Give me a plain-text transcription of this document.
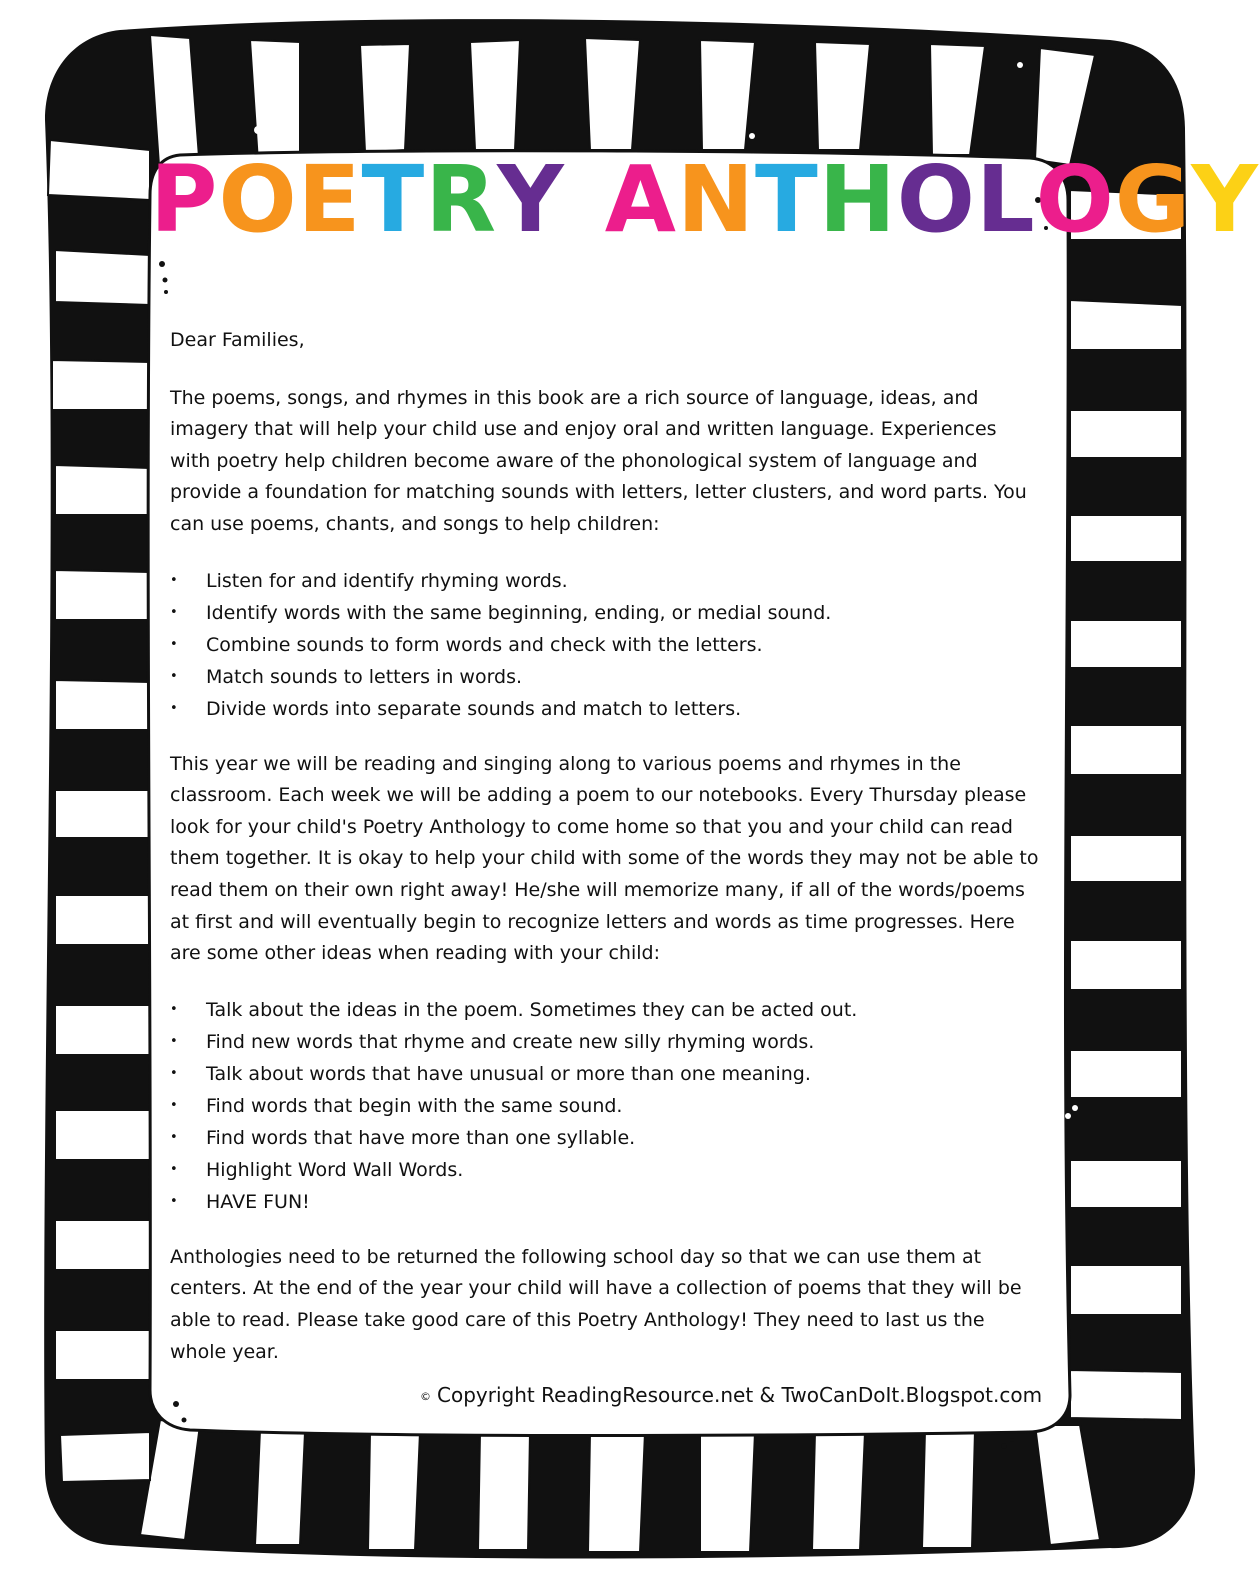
POETRY ANTHOLOGY

Dear Families,

The poems, songs, and rhymes in this book are a rich source of language, ideas, and imagery that will help your child use and enjoy oral and written language. Experiences with poetry help children become aware of the phonological system of language and provide a foundation for matching sounds with letters, letter clusters, and word parts. You can use poems, chants, and songs to help children:

• Listen for and identify rhyming words.
• Identify words with the same beginning, ending, or medial sound.
• Combine sounds to form words and check with the letters.
• Match sounds to letters in words.
• Divide words into separate sounds and match to letters.

This year we will be reading and singing along to various poems and rhymes in the classroom. Each week we will be adding a poem to our notebooks. Every Thursday please look for your child's Poetry Anthology to come home so that you and your child can read them together. It is okay to help your child with some of the words they may not be able to read them on their own right away! He/she will memorize many, if all of the words/poems at first and will eventually begin to recognize letters and words as time progresses. Here are some other ideas when reading with your child:

• Talk about the ideas in the poem. Sometimes they can be acted out.
• Find new words that rhyme and create new silly rhyming words.
• Talk about words that have unusual or more than one meaning.
• Find words that begin with the same sound.
• Find words that have more than one syllable.
• Highlight Word Wall Words.
• HAVE FUN!

Anthologies need to be returned the following school day so that we can use them at centers. At the end of the year your child will have a collection of poems that they will be able to read. Please take good care of this Poetry Anthology! They need to last us the whole year.

© Copyright ReadingResource.net & TwoCanDoIt.Blogspot.com
